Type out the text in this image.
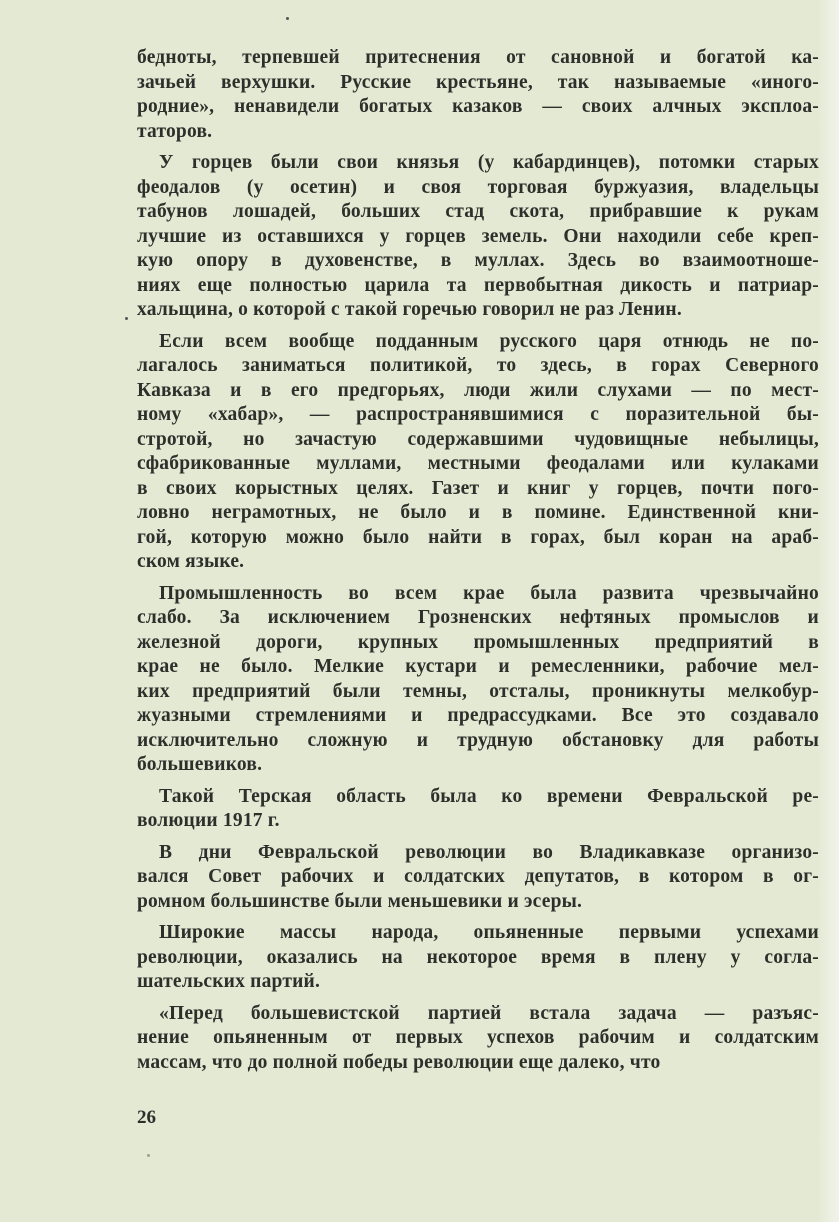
бедноты, терпевшей притеснения от сановной и богатой ка-
зачьей верхушки. Русские крестьяне, так называемые «иного-
родние», ненавидели богатых казаков — своих алчных эксплоа-
таторов.
У горцев были свои князья (у кабардинцев), потомки старых
феодалов (у осетин) и своя торговая буржуазия, владельцы
табунов лошадей, больших стад скота, прибравшие к рукам
лучшие из оставшихся у горцев земель. Они находили себе креп-
кую опору в духовенстве, в муллах. Здесь во взаимоотноше-
ниях еще полностью царила та первобытная дикость и патриар-
хальщина, о которой с такой горечью говорил не раз Ленин.
Если всем вообще подданным русского царя отнюдь не по-
лагалось заниматься политикой, то здесь, в горах Северного
Кавказа и в его предгорьях, люди жили слухами — по мест-
ному «хабар», — распространявшимися с поразительной бы-
стротой, но зачастую содержавшими чудовищные небылицы,
сфабрикованные муллами, местными феодалами или кулаками
в своих корыстных целях. Газет и книг у горцев, почти пого-
ловно неграмотных, не было и в помине. Единственной кни-
гой, которую можно было найти в горах, был коран на араб-
ском языке.
Промышленность во всем крае была развита чрезвычайно
слабо. За исключением Грозненских нефтяных промыслов и
железной дороги, крупных промышленных предприятий в
крае не было. Мелкие кустари и ремесленники, рабочие мел-
ких предприятий были темны, отсталы, проникнуты мелкобур-
жуазными стремлениями и предрассудками. Все это создавало
исключительно сложную и трудную обстановку для работы
большевиков.
Такой Терская область была ко времени Февральской ре-
волюции 1917 г.
В дни Февральской революции во Владикавказе организо-
вался Совет рабочих и солдатских депутатов, в котором в ог-
ромном большинстве были меньшевики и эсеры.
Широкие массы народа, опьяненные первыми успехами
революции, оказались на некоторое время в плену у согла-
шательских партий.
«Перед большевистской партией встала задача — разъяс-
нение опьяненным от первых успехов рабочим и солдатским
массам, что до полной победы революции еще далеко, что
26
